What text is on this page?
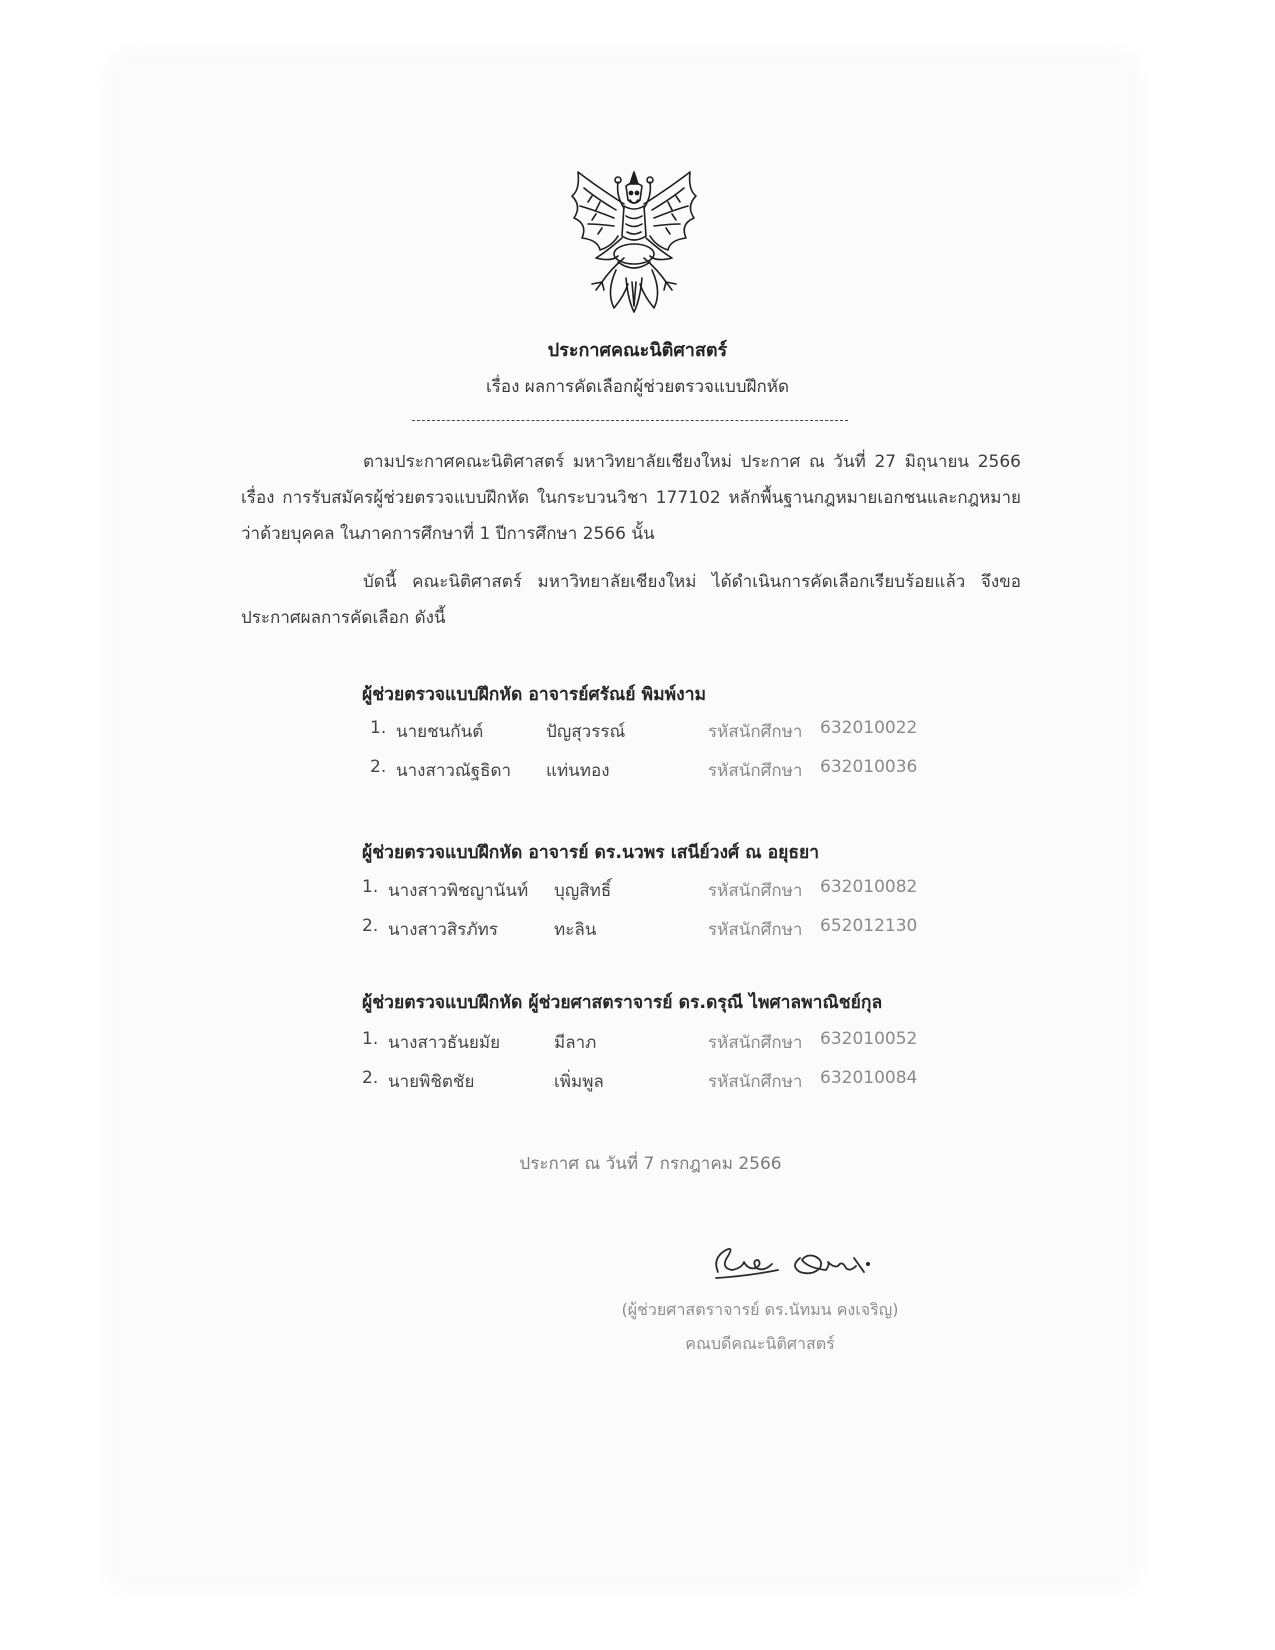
ประกาศคณะนิติศาสตร์
เรื่อง ผลการคัดเลือกผู้ช่วยตรวจแบบฝึกหัด
ตามประกาศคณะนิติศาสตร์ มหาวิทยาลัยเชียงใหม่ ประกาศ ณ วันที่ 27 มิถุนายน 2566 เรื่อง การรับสมัครผู้ช่วยตรวจแบบฝึกหัด ในกระบวนวิชา 177102 หลักพื้นฐานกฎหมายเอกชนและกฎหมายว่าด้วยบุคคล ในภาคการศึกษาที่ 1 ปีการศึกษา 2566 นั้น
บัดนี้ คณะนิติศาสตร์ มหาวิทยาลัยเชียงใหม่ ได้ดำเนินการคัดเลือกเรียบร้อยแล้ว จึงขอประกาศผลการคัดเลือก ดังนี้
ผู้ช่วยตรวจแบบฝึกหัด อาจารย์ศรัณย์ พิมพ์งาม
1. นายชนกันต์	ปัญสุวรรณ์	รหัสนักศึกษา 632010022
2. นางสาวณัฐธิดา แท่นทอง	รหัสนักศึกษา 632010036
ผู้ช่วยตรวจแบบฝึกหัด อาจารย์ ดร.นวพร เสนีย์วงศ์ ณ อยุธยา
1. นางสาวพิชญานันท์ บุญสิทธิ์	รหัสนักศึกษา 632010082
2. นางสาวสิรภัทร	ทะลิน	รหัสนักศึกษา 652012130
ผู้ช่วยตรวจแบบฝึกหัด ผู้ช่วยศาสตราจารย์ ดร.ดรุณี ไพศาลพาณิชย์กุล
1. นางสาวธันยมัย	มีลาภ	รหัสนักศึกษา 632010052
2. นายพิชิตชัย	เพิ่มพูล	รหัสนักศึกษา 632010084
ประกาศ ณ วันที่ 7 กรกฎาคม 2566
(ผู้ช่วยศาสตราจารย์ ดร.นัทมน คงเจริญ)
คณบดีคณะนิติศาสตร์
